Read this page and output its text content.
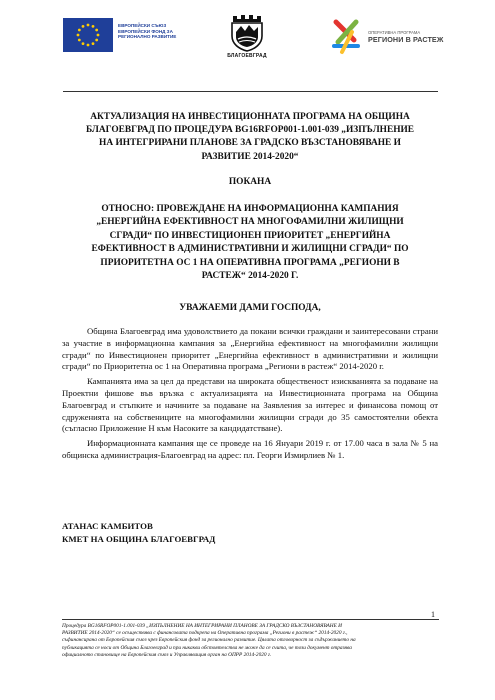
ЕВРОПЕЙСКИ СЪЮЗ
ЕВРОПЕЙСКИ ФОНД ЗА
РЕГИОНАЛНО РАЗВИТИЕ
БЛАГОЕВГРАД
ОПЕРАТИВНА ПРОГРАМА
РЕГИОНИ В РАСТЕЖ
АКТУАЛИЗАЦИЯ НА ИНВЕСТИЦИОННАТА ПРОГРАМА НА ОБЩИНА
БЛАГОЕВГРАД ПО ПРОЦЕДУРА BG16RFOP001-1.001-039 „ИЗПЪЛНЕНИЕ
НА ИНТЕГРИРАНИ ПЛАНОВЕ ЗА ГРАДСКО ВЪЗСТАНОВЯВАНЕ И
РАЗВИТИЕ 2014-2020“
ПОКАНА
ОТНОСНО: ПРОВЕЖДАНЕ НА ИНФОРМАЦИОННА КАМПАНИЯ
„ЕНЕРГИЙНА ЕФЕКТИВНОСТ НА МНОГОФАМИЛНИ ЖИЛИЩНИ
СГРАДИ“ ПО ИНВЕСТИЦИОНЕН ПРИОРИТЕТ „ЕНЕРГИЙНА
ЕФЕКТИВНОСТ В АДМИНИСТРАТИВНИ И ЖИЛИЩНИ СГРАДИ“ ПО
ПРИОРИТЕТНА ОС 1 НА ОПЕРАТИВНА ПРОГРАМА „РЕГИОНИ В
РАСТЕЖ“ 2014-2020 Г.
УВАЖАЕМИ ДАМИ ГОСПОДА,

Община Благоевград има удоволствието да покани всички граждани и заинтересовани страни за участие в информационна кампания за „Енергийна ефективност на многофамилни жилищни сгради“ по Инвестиционен приоритет „Енергийна ефективност в административни и жилищни сгради“ по Приоритетна ос 1 на Оперативна програма „Региони в растеж“ 2014-2020 г.

Кампанията има за цел да представи на широката общественост изискванията за подаване на Проектни фишове във връзка с актуализацията на Инвестиционната програма на Община Благоевград и стъпките и начините за подаване на Заявления за интерес и финансова помощ от сдруженията на собствениците на многофамилни жилищни сгради до 35 самостоятелни обекта (съгласно Приложение Н към Насоките за кандидатстване).

Информационната кампания ще се проведе на 16 Януари 2019 г. от 17.00 часа в зала № 5 на общинска администрация-Благоевград на адрес: пл. Георги Измирлиев № 1.

АТАНАС КАМБИТОВ
КМЕТ НА ОБЩИНА БЛАГОЕВГРАД
1
Процедура BG16RFOP001-1.001-039 „ИЗПЪЛНЕНИЕ НА ИНТЕГРИРАНИ ПЛАНОВЕ ЗА ГРАДСКО ВЪЗСТАНОВЯВАНЕ И
РАЗВИТИЕ 2014-2020“ се осъществява с финансовата подкрепа на Оперативна програма „Региони в растеж“ 2014-2020 г.,
съфинансирана от Европейския съюз чрез Европейския фонд за регионално развитие. Цялата отговорност за съдържанието на
публикацията се носи от Община Благоевград и при никакви обстоятелства не може да се счита, че този документ отразява
официалното становище на Европейския съюз и Управляващия орган на ОПРР 2014-2020 г.
